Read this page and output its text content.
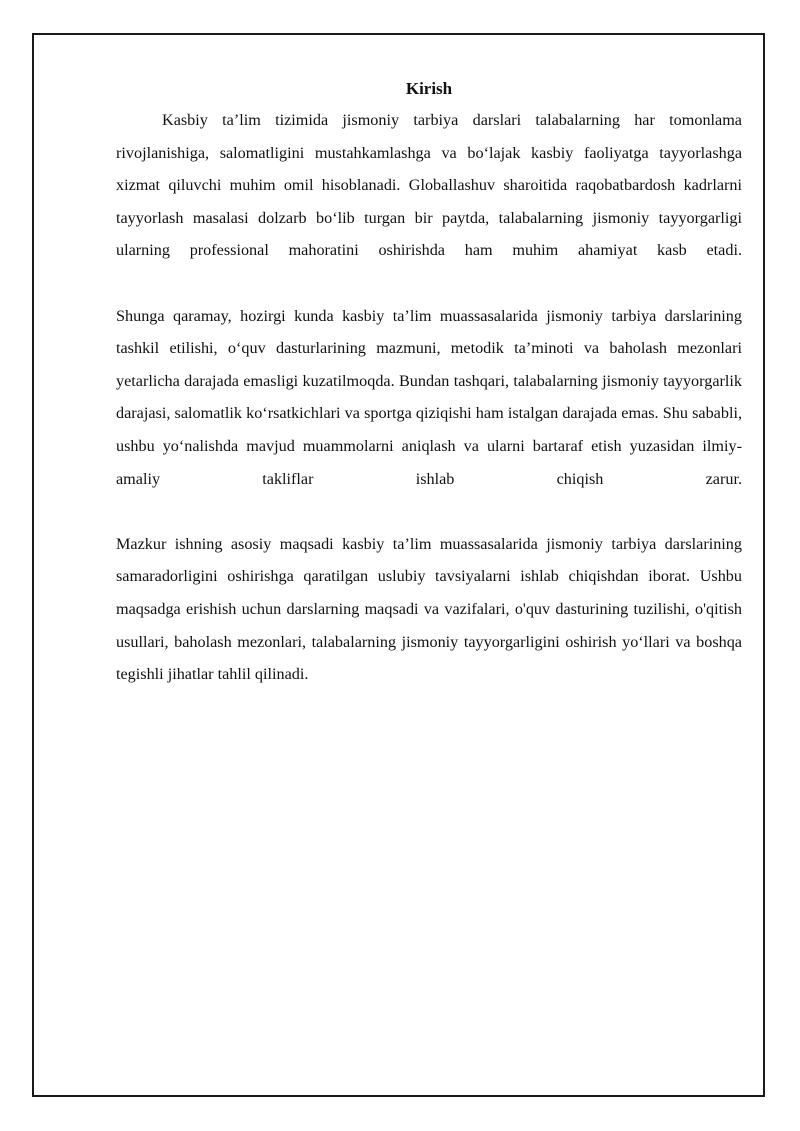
Kirish

Kasbiy ta’lim tizimida jismoniy tarbiya darslari talabalarning har tomonlama rivojlanishiga, salomatligini mustahkamlashga va bo‘lajak kasbiy faoliyatga tayyorlashga xizmat qiluvchi muhim omil hisoblanadi. Globallashuv sharoitida raqobatbardosh kadrlarni tayyorlash masalasi dolzarb bo‘lib turgan bir paytda, talabalarning jismoniy tayyorgarligi ularning professional mahoratini oshirishda ham muhim ahamiyat kasb etadi.

Shunga qaramay, hozirgi kunda kasbiy ta’lim muassasalarida jismoniy tarbiya darslarining tashkil etilishi, o‘quv dasturlarining mazmuni, metodik ta’minoti va baholash mezonlari yetarlicha darajada emasligi kuzatilmoqda. Bundan tashqari, talabalarning jismoniy tayyorgarlik darajasi, salomatlik ko‘rsatkichlari va sportga qiziqishi ham istalgan darajada emas. Shu sababli, ushbu yo‘nalishda mavjud muammolarni aniqlash va ularni bartaraf etish yuzasidan ilmiy-amaliy takliflar ishlab chiqish zarur.

Mazkur ishning asosiy maqsadi kasbiy ta’lim muassasalarida jismoniy tarbiya darslarining samaradorligini oshirishga qaratilgan uslubiy tavsiyalarni ishlab chiqishdan iborat. Ushbu maqsadga erishish uchun darslarning maqsadi va vazifalari, o'quv dasturining tuzilishi, o'qitish usullari, baholash mezonlari, talabalarning jismoniy tayyorgarligini oshirish yo‘llari va boshqa tegishli jihatlar tahlil qilinadi.
